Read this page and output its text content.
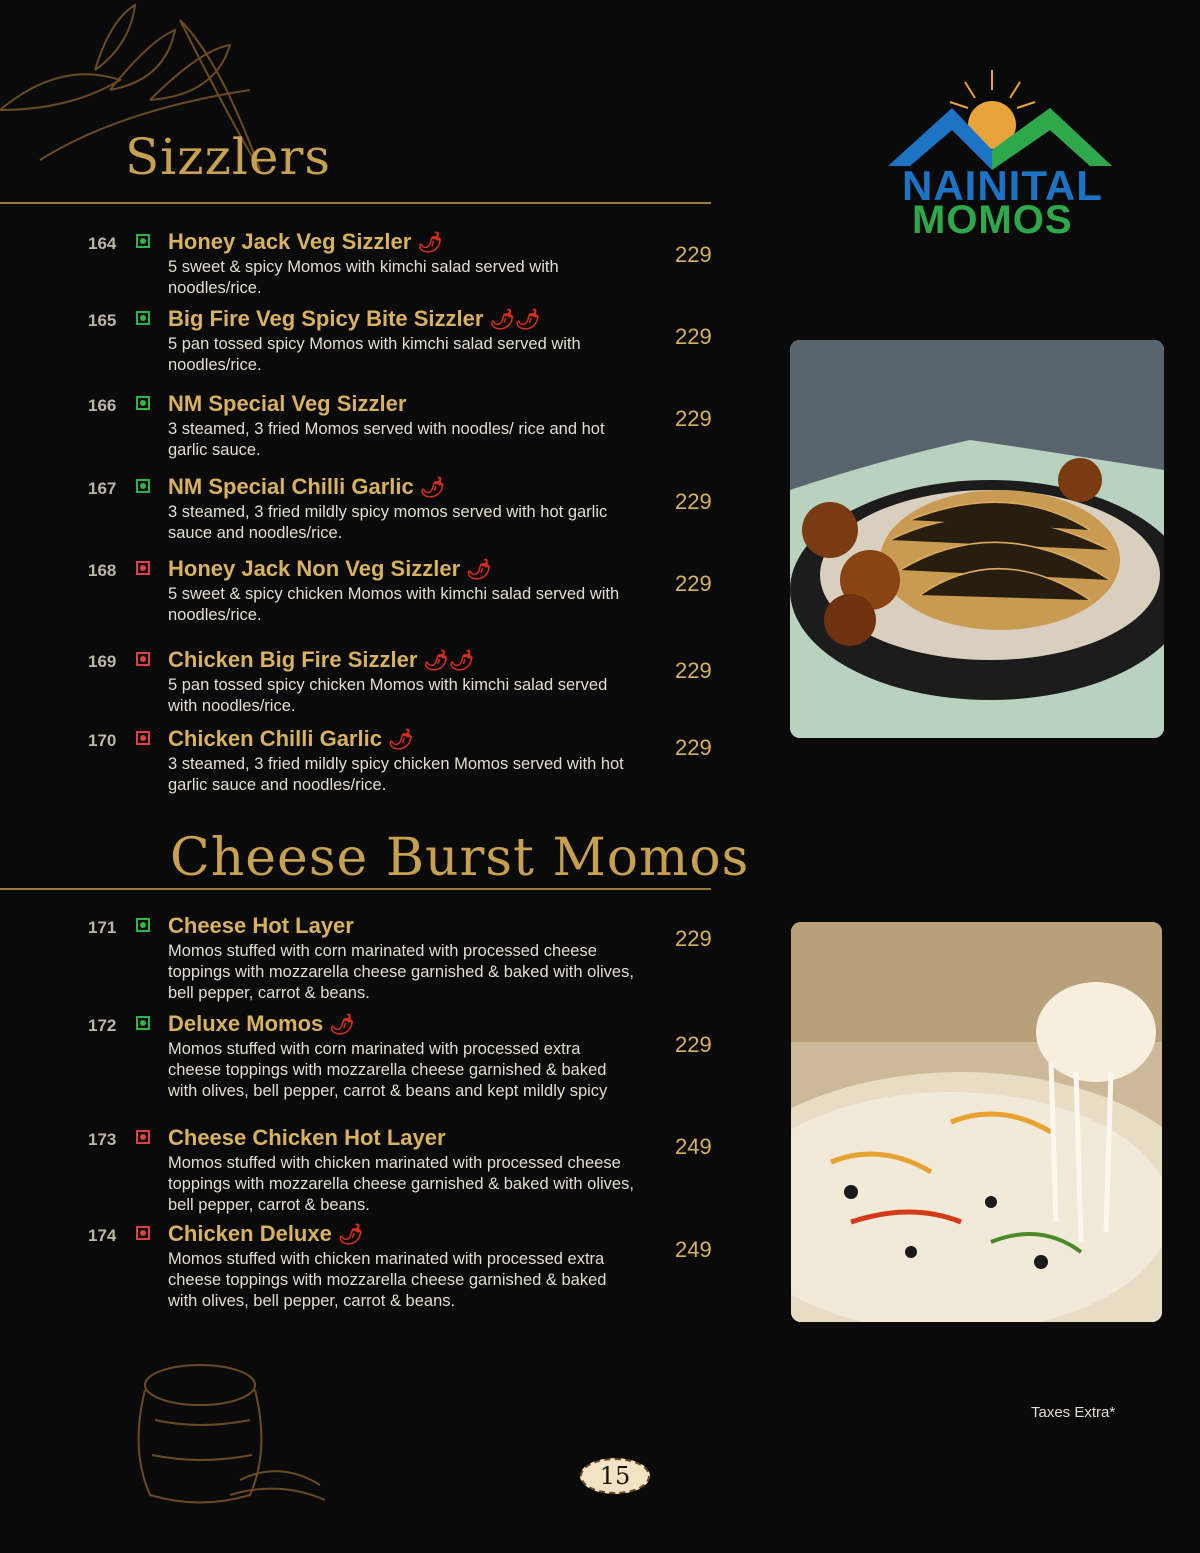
Sizzlers	NAINITAL
MOMOS
164 Honey Jack Veg Sizzler 🌶
5 sweet & spicy Momos with kimchi salad served with noodles/rice.
229
165 Big Fire Veg Spicy Bite Sizzler 🌶🌶
5 pan tossed spicy Momos with kimchi salad served with noodles/rice.
229
166 NM Special Veg Sizzler
3 steamed, 3 fried Momos served with noodles/ rice and hot garlic sauce.
229
167 NM Special Chilli Garlic 🌶
3 steamed, 3 fried mildly spicy momos served with hot garlic sauce and noodles/rice.
229
168 Honey Jack Non Veg Sizzler 🌶
5 sweet & spicy chicken Momos with kimchi salad served with noodles/rice.
229
169 Chicken Big Fire Sizzler 🌶🌶
5 pan tossed spicy chicken Momos with kimchi salad served with noodles/rice.
229
170 Chicken Chilli Garlic 🌶
3 steamed, 3 fried mildly spicy chicken Momos served with hot garlic sauce and noodles/rice.
229
Cheese Burst Momos
171 Cheese Hot Layer
Momos stuffed with corn marinated with processed cheese toppings with mozzarella cheese garnished & baked with olives, bell pepper, carrot & beans.
229
172 Deluxe Momos 🌶
Momos stuffed with corn marinated with processed extra cheese toppings with mozzarella cheese garnished & baked with olives, bell pepper, carrot & beans and kept mildly spicy
229
173 Cheese Chicken Hot Layer
Momos stuffed with chicken marinated with processed cheese toppings with mozzarella cheese garnished & baked with olives, bell pepper, carrot & beans.
249
174 Chicken Deluxe 🌶
Momos stuffed with chicken marinated with processed extra cheese toppings with mozzarella cheese garnished & baked with olives, bell pepper, carrot & beans.
249
15
Taxes Extra*
